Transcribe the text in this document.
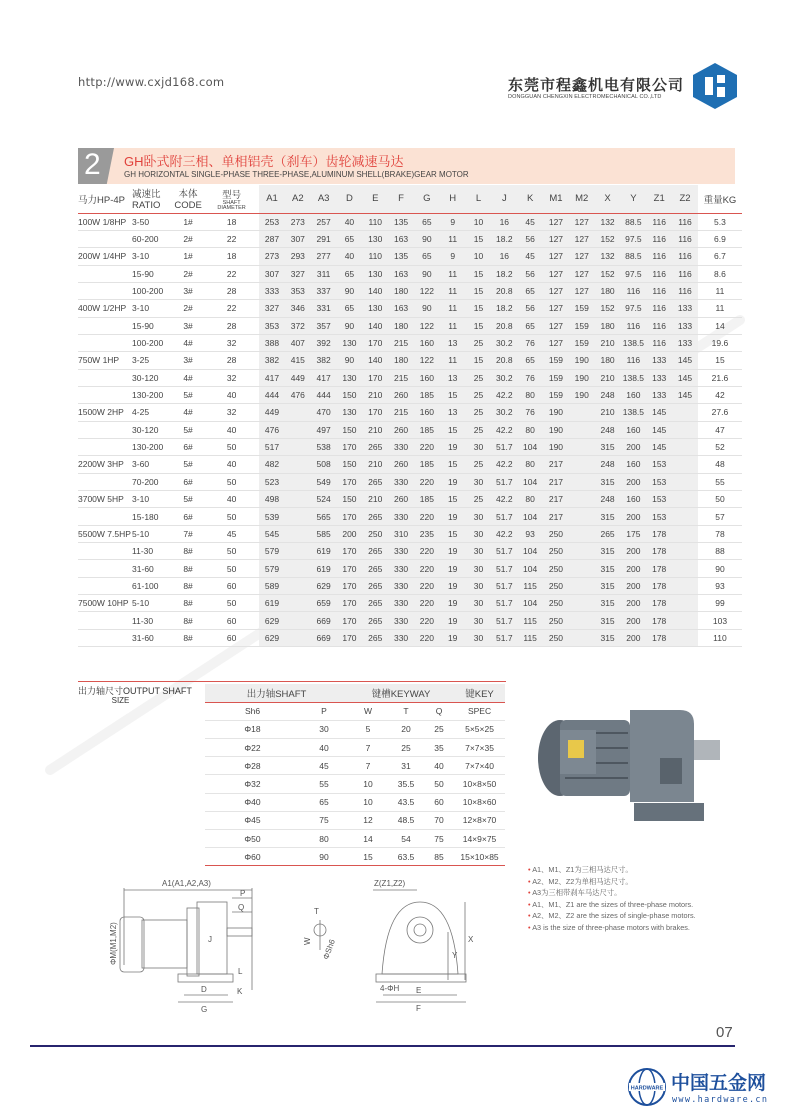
http://www.cxjd168.com	东莞市程鑫机电有限公司
DONGGUAN CHENGXIN ELECTROMECHANICAL CO.,LTD
2 GH卧式附三相、单相铝壳（刹车）齿轮减速马达
GH HORIZONTAL SINGLE-PHASE THREE-PHASE,ALUMINUM SHELL(BRAKE)GEAR MOTOR
马力HP-4P	减速比
RATIO	本体
CODE	型号
SHAFT
DIAMETER	A1	A2	A3	D	E	F	G	H	L	J	K	M1	M2	X	Y	Z1	Z2	重量KG
100W 1/8HP	3-50	1#	18	253	273	257	40	110	135	65	9	10	16	45	127	127	132	88.5	116	116	5.3
	60-200	2#	22	287	307	291	65	130	163	90	11	15	18.2	56	127	127	152	97.5	116	116	6.9
200W 1/4HP	3-10	1#	18	273	293	277	40	110	135	65	9	10	16	45	127	127	132	88.5	116	116	6.7
	15-90	2#	22	307	327	311	65	130	163	90	11	15	18.2	56	127	127	152	97.5	116	116	8.6
	100-200	3#	28	333	353	337	90	140	180	122	11	15	20.8	65	127	127	180	116	116	116	11
400W 1/2HP	3-10	2#	22	327	346	331	65	130	163	90	11	15	18.2	56	127	159	152	97.5	116	133	11
	15-90	3#	28	353	372	357	90	140	180	122	11	15	20.8	65	127	159	180	116	116	133	14
	100-200	4#	32	388	407	392	130	170	215	160	13	25	30.2	76	127	159	210	138.5	116	133	19.6
750W 1HP	3-25	3#	28	382	415	382	90	140	180	122	11	15	20.8	65	159	190	180	116	133	145	15
	30-120	4#	32	417	449	417	130	170	215	160	13	25	30.2	76	159	190	210	138.5	133	145	21.6
	130-200	5#	40	444	476	444	150	210	260	185	15	25	42.2	80	159	190	248	160	133	145	42
1500W 2HP	4-25	4#	32	449		470	130	170	215	160	13	25	30.2	76	190		210	138.5	145		27.6
	30-120	5#	40	476		497	150	210	260	185	15	25	42.2	80	190		248	160	145		47
	130-200	6#	50	517		538	170	265	330	220	19	30	51.7	104	190		315	200	145		52
2200W 3HP	3-60	5#	40	482		508	150	210	260	185	15	25	42.2	80	217		248	160	153		48
	70-200	6#	50	523		549	170	265	330	220	19	30	51.7	104	217		315	200	153		55
3700W 5HP	3-10	5#	40	498		524	150	210	260	185	15	25	42.2	80	217		248	160	153		50
	15-180	6#	50	539		565	170	265	330	220	19	30	51.7	104	217		315	200	153		57
5500W 7.5HP	5-10	7#	45	545		585	200	250	310	235	15	30	42.2	93	250		265	175	178		78
	11-30	8#	50	579		619	170	265	330	220	19	30	51.7	104	250		315	200	178		88
	31-60	8#	50	579		619	170	265	330	220	19	30	51.7	104	250		315	200	178		90
	61-100	8#	60	589		629	170	265	330	220	19	30	51.7	115	250		315	200	178		93
7500W 10HP	5-10	8#	50	619		659	170	265	330	220	19	30	51.7	104	250		315	200	178		99
	11-30	8#	60	629		669	170	265	330	220	19	30	51.7	115	250		315	200	178		103
	31-60	8#	60	629		669	170	265	330	220	19	30	51.7	115	250		315	200	178		110
出力轴尺寸OUTPUT SHAFT
SIZE
出力轴SHAFT		键槽KEYWAY			键KEY
Sh6	P	W	T	Q	SPEC
Φ18	30	5	20	25	5×5×25
Φ22	40	7	25	35	7×7×35
Φ28	45	7	31	40	7×7×40
Φ32	55	10	35.5	50	10×8×50
Φ40	65	10	43.5	60	10×8×60
Φ45	75	12	48.5	70	12×8×70
Φ50	80	14	54	75	14×9×75
Φ60	90	15	63.5	85	15×10×85
• A1、M1、Z1为三相马达尺寸。
• A2、M2、Z2为单相马达尺寸。
• A3为三相带刹车马达尺寸。
• A1、M1、Z1 are the sizes of three-phase motors.
• A2、M2、Z2 are the sizes of single-phase motors.
• A3 is the size of three-phase motors with brakes.
A1(A1,A2,A3)
P
Q
J
ΦM(M1,M2)
L
K
D
G
T
W ΦSh6
Z(Z1,Z2)
X
Y
4-ΦH E
F
07
HARDWARE 中国五金网
www.hardware.cn
